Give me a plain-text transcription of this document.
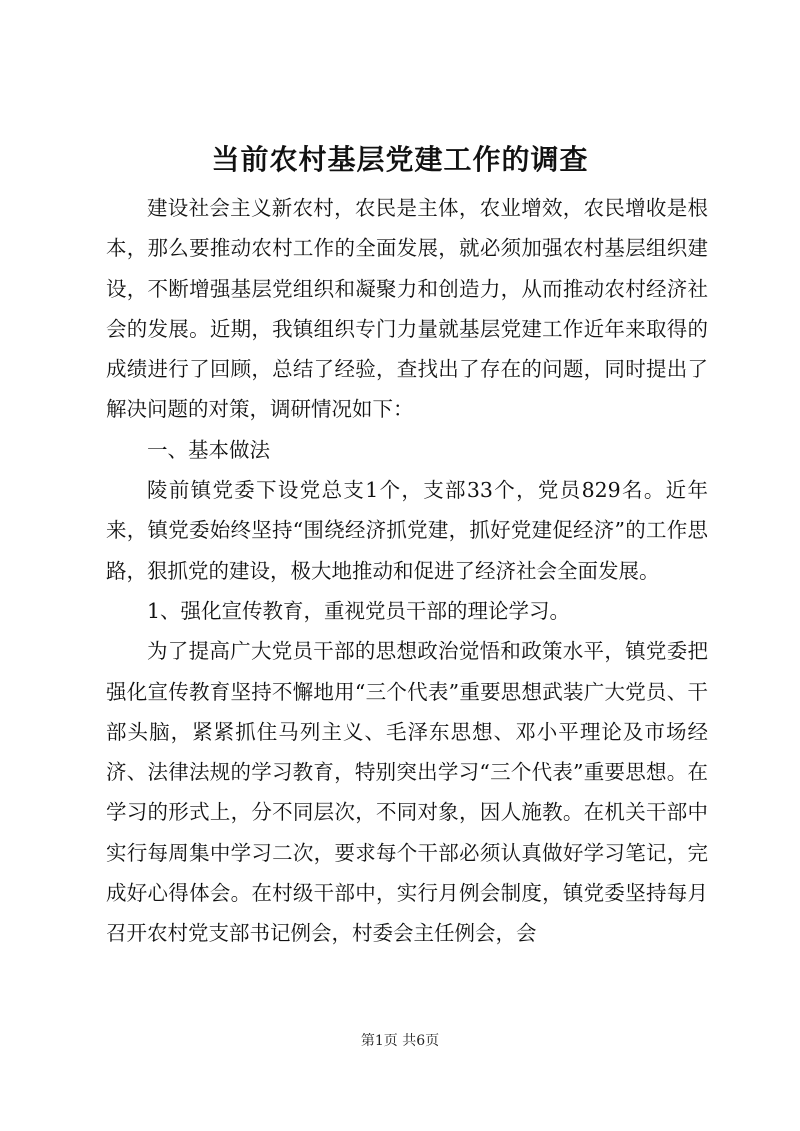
当前农村基层党建工作的调查

建设社会主义新农村，农民是主体，农业增效，农民增收是根本，那么要推动农村工作的全面发展，就必须加强农村基层组织建设，不断增强基层党组织和凝聚力和创造力，从而推动农村经济社会的发展。近期，我镇组织专门力量就基层党建工作近年来取得的成绩进行了回顾，总结了经验，查找出了存在的问题，同时提出了解决问题的对策，调研情况如下：

一、基本做法

陵前镇党委下设党总支1个，支部33个，党员829名。近年来，镇党委始终坚持“围绕经济抓党建，抓好党建促经济”的工作思路，狠抓党的建设，极大地推动和促进了经济社会全面发展。

1、强化宣传教育，重视党员干部的理论学习。

为了提高广大党员干部的思想政治觉悟和政策水平，镇党委把强化宣传教育坚持不懈地用“三个代表”重要思想武装广大党员、干部头脑，紧紧抓住马列主义、毛泽东思想、邓小平理论及市场经济、法律法规的学习教育，特别突出学习“三个代表”重要思想。在学习的形式上，分不同层次，不同对象，因人施教。在机关干部中实行每周集中学习二次，要求每个干部必须认真做好学习笔记，完成好心得体会。在村级干部中，实行月例会制度，镇党委坚持每月召开农村党支部书记例会，村委会主任例会，会

第1页 共6页
